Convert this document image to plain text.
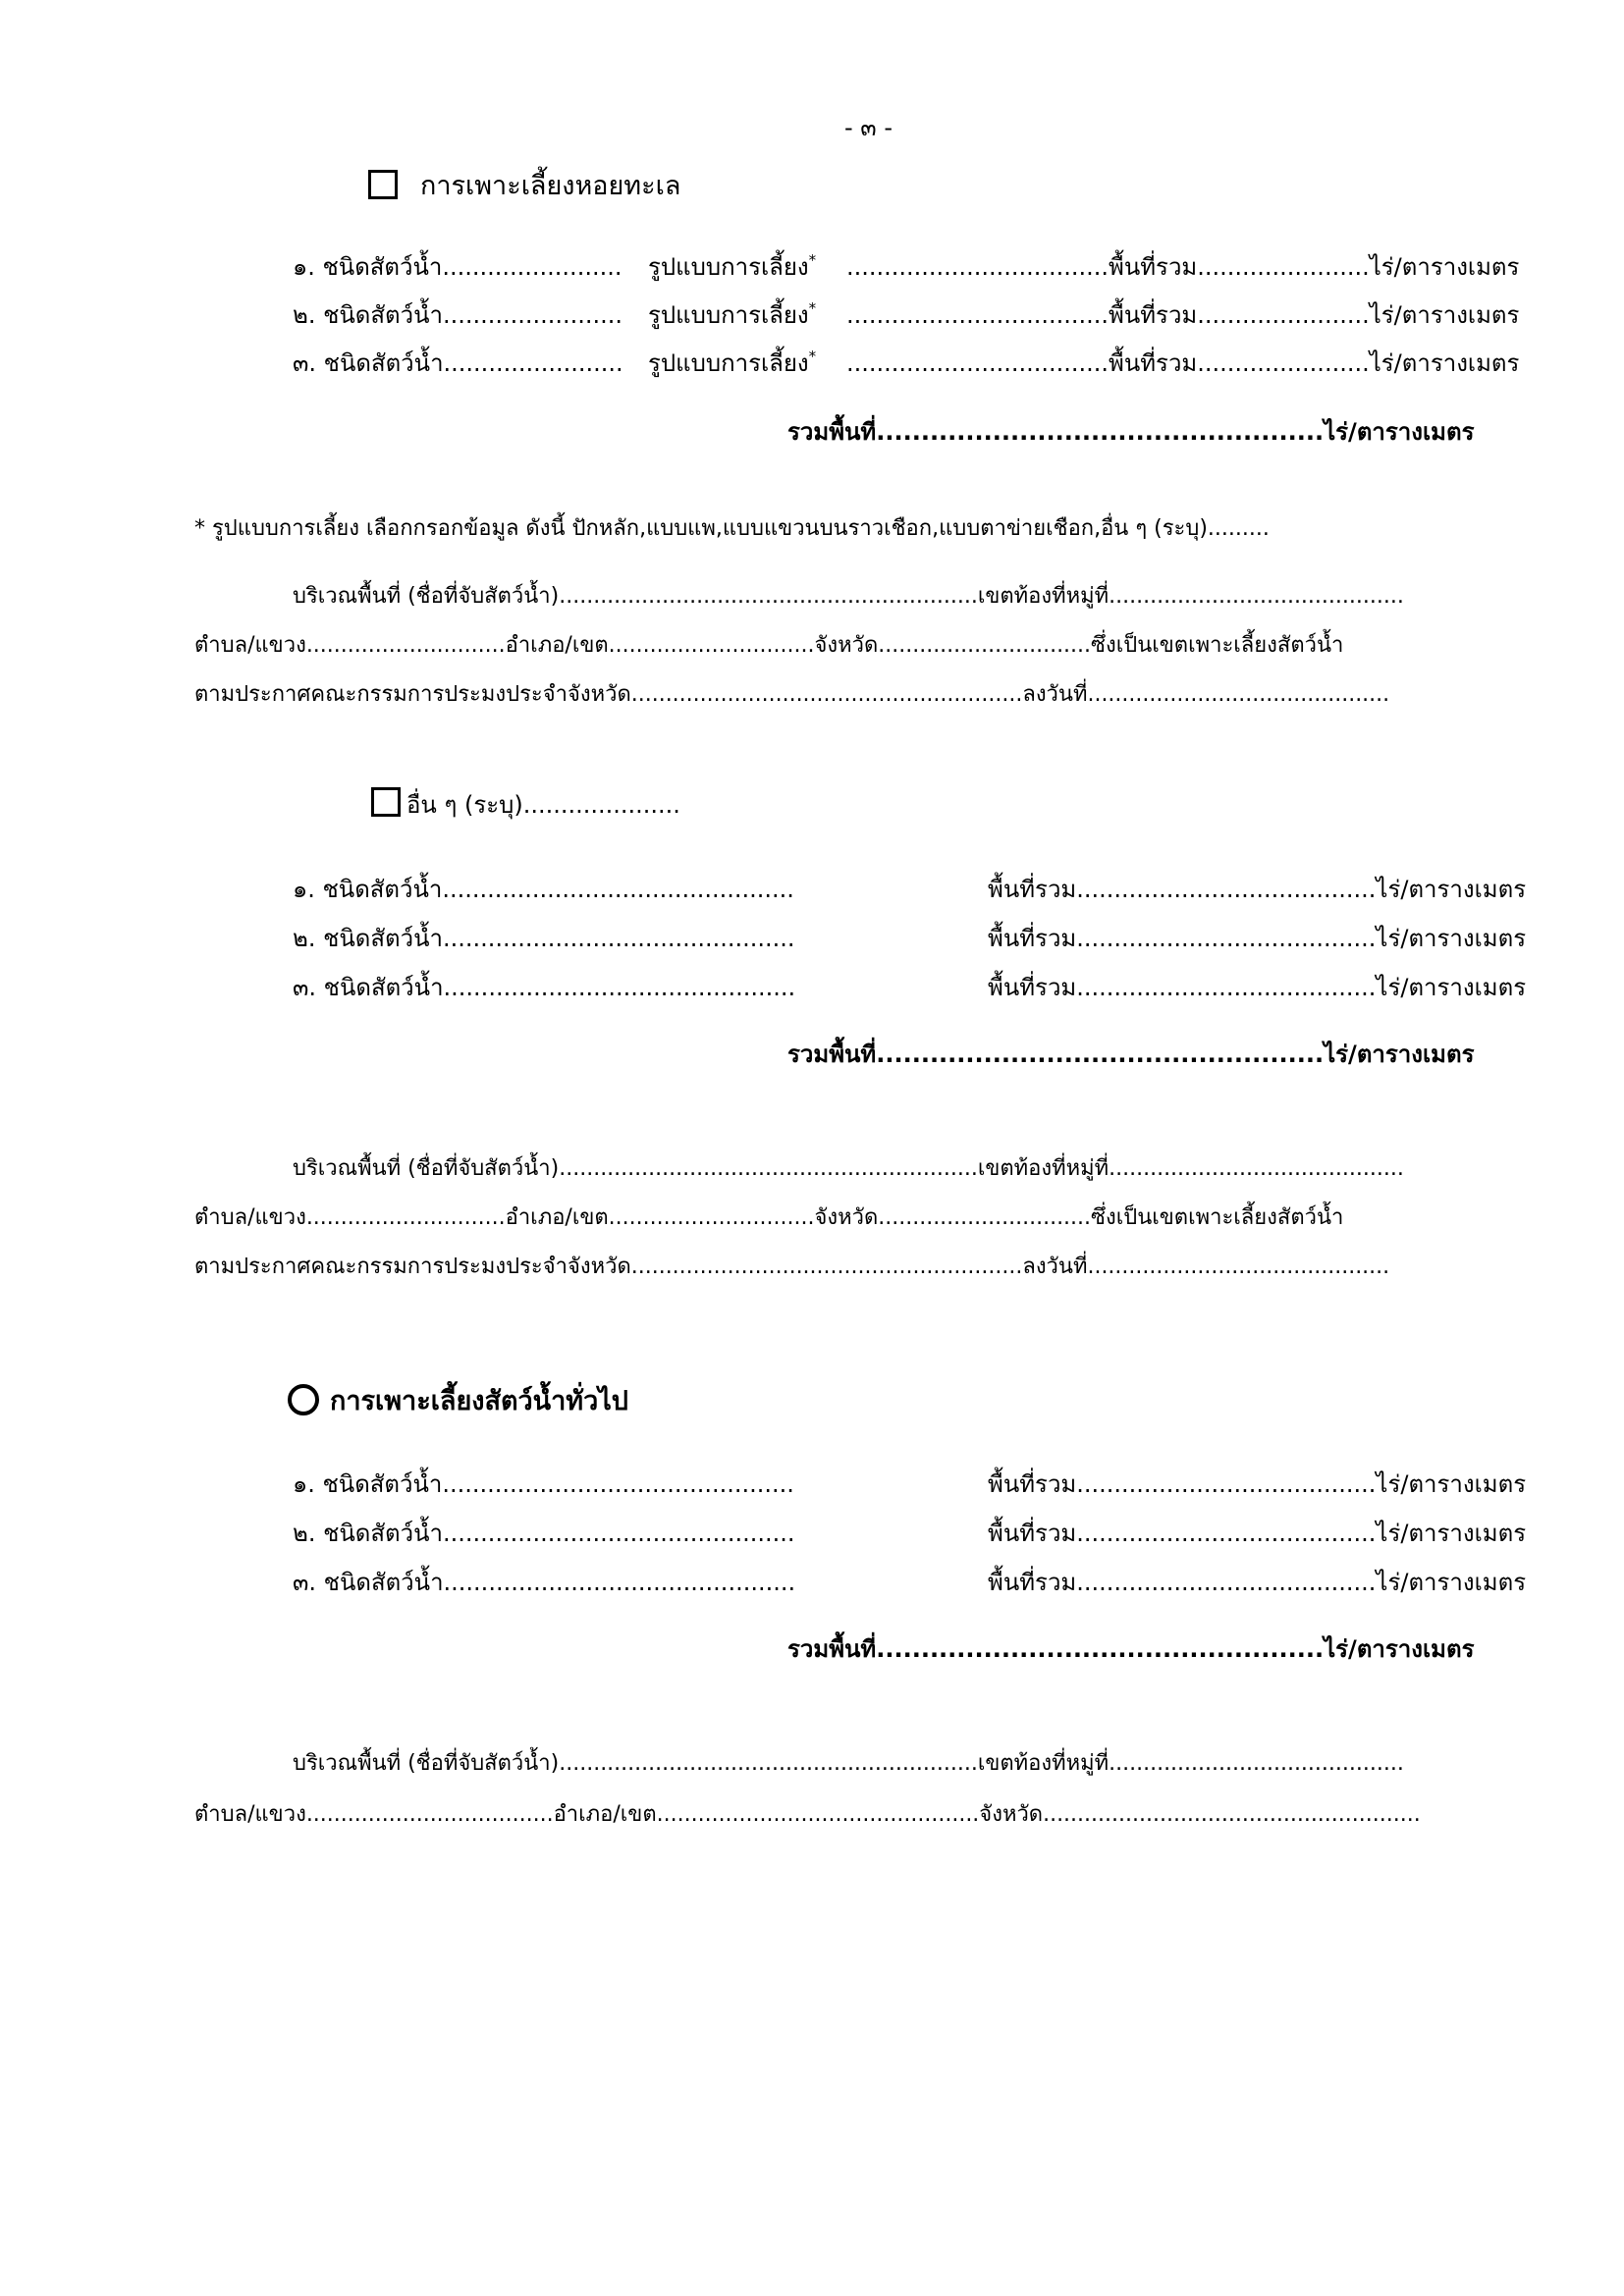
- ๓ -
การเพาะเลี้ยงหอยทะเล
๑. ชนิดสัตว์น้ำ........................ รูปแบบการเลี้ยง* ...................................พื้นที่รวม.......................ไร่/ตารางเมตร
๒. ชนิดสัตว์น้ำ........................ รูปแบบการเลี้ยง* ...................................พื้นที่รวม.......................ไร่/ตารางเมตร
๓. ชนิดสัตว์น้ำ........................ รูปแบบการเลี้ยง* ...................................พื้นที่รวม.......................ไร่/ตารางเมตร
รวมพื้นที่..................................................ไร่/ตารางเมตร
* รูปแบบการเลี้ยง เลือกกรอกข้อมูล ดังนี้ ปักหลัก,แบบแพ,แบบแขวนบนราวเชือก,แบบตาข่ายเชือก,อื่น ๆ (ระบุ).........
บริเวณพื้นที่ (ชื่อที่จับสัตว์น้ำ).............................................................เขตท้องที่หมู่ที่...........................................
ตำบล/แขวง.............................อำเภอ/เขต..............................จังหวัด...............................ซึ่งเป็นเขตเพาะเลี้ยงสัตว์น้ำ
ตามประกาศคณะกรรมการประมงประจำจังหวัด.........................................................ลงวันที่............................................
อื่น ๆ (ระบุ).....................
๑. ชนิดสัตว์น้ำ...............................................	พื้นที่รวม........................................ไร่/ตารางเมตร
๒. ชนิดสัตว์น้ำ...............................................	พื้นที่รวม........................................ไร่/ตารางเมตร
๓. ชนิดสัตว์น้ำ...............................................	พื้นที่รวม........................................ไร่/ตารางเมตร
รวมพื้นที่..................................................ไร่/ตารางเมตร
บริเวณพื้นที่ (ชื่อที่จับสัตว์น้ำ).............................................................เขตท้องที่หมู่ที่...........................................
ตำบล/แขวง.............................อำเภอ/เขต..............................จังหวัด...............................ซึ่งเป็นเขตเพาะเลี้ยงสัตว์น้ำ
ตามประกาศคณะกรรมการประมงประจำจังหวัด.........................................................ลงวันที่............................................
การเพาะเลี้ยงสัตว์น้ำทั่วไป
๑. ชนิดสัตว์น้ำ...............................................	พื้นที่รวม........................................ไร่/ตารางเมตร
๒. ชนิดสัตว์น้ำ...............................................	พื้นที่รวม........................................ไร่/ตารางเมตร
๓. ชนิดสัตว์น้ำ...............................................	พื้นที่รวม........................................ไร่/ตารางเมตร
รวมพื้นที่..................................................ไร่/ตารางเมตร
บริเวณพื้นที่ (ชื่อที่จับสัตว์น้ำ).............................................................เขตท้องที่หมู่ที่...........................................
ตำบล/แขวง....................................อำเภอ/เขต...............................................จังหวัด.......................................................
